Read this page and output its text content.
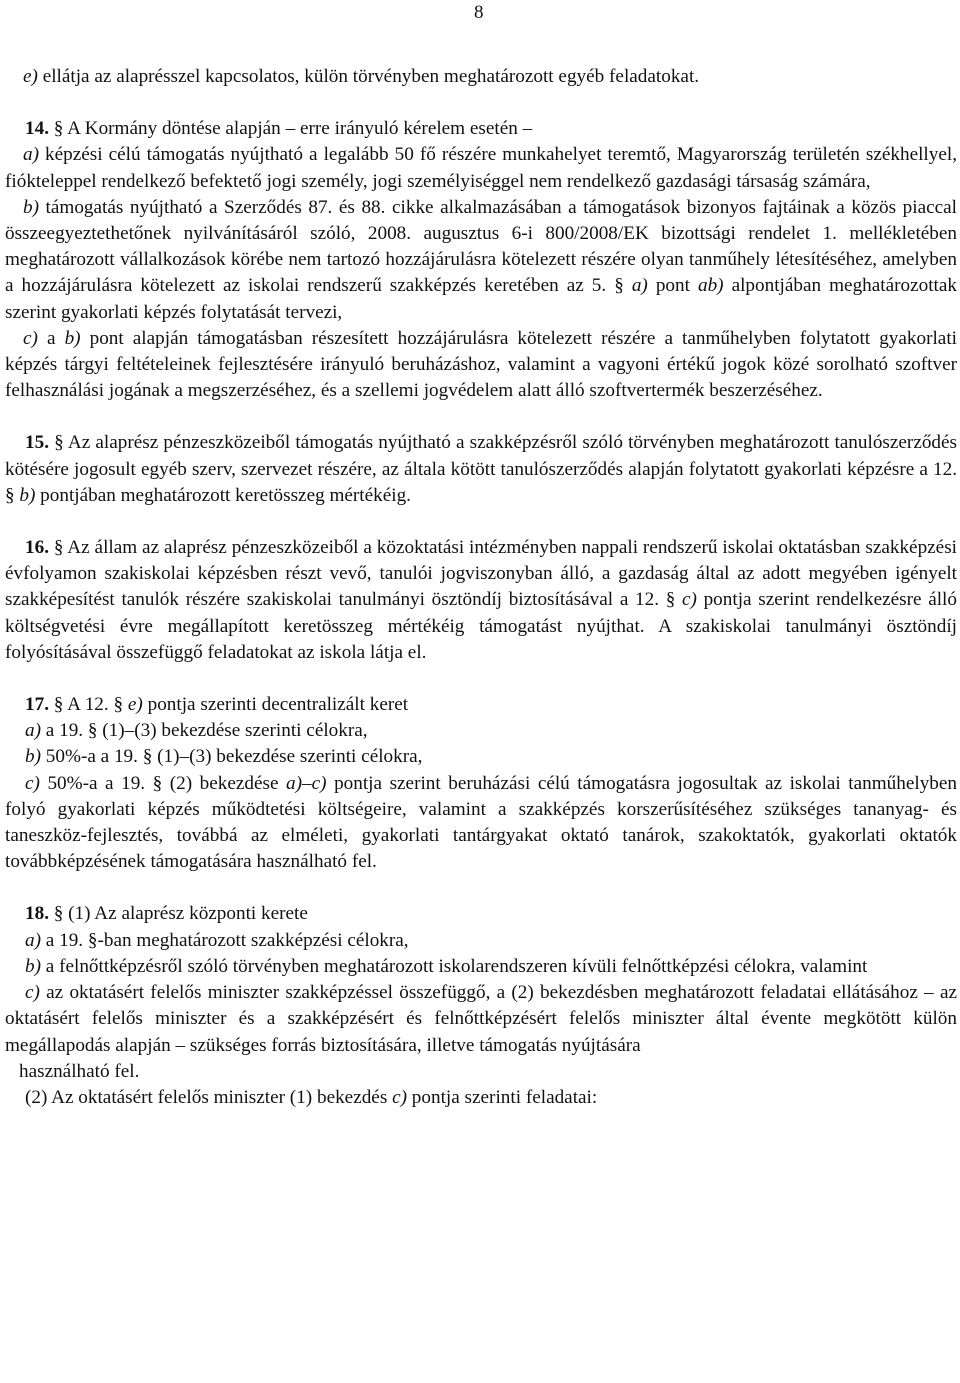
8

e) ellátja az alaprésszel kapcsolatos, külön törvényben meghatározott egyéb feladatokat.

14. § A Kormány döntése alapján – erre irányuló kérelem esetén –

a) képzési célú támogatás nyújtható a legalább 50 fő részére munkahelyet teremtő, Magyarország területén székhellyel, fiókteleppel rendelkező befektető jogi személy, jogi személyiséggel nem rendelkező gazdasági társaság számára,

b) támogatás nyújtható a Szerződés 87. és 88. cikke alkalmazásában a támogatások bizonyos fajtáinak a közös piaccal összeegyeztethetőnek nyilvánításáról szóló, 2008. augusztus 6-i 800/2008/EK bizottsági rendelet 1. mellékletében meghatározott vállalkozások körébe nem tartozó hozzájárulásra kötelezett részére olyan tanműhely létesítéséhez, amelyben a hozzájárulásra kötelezett az iskolai rendszerű szakképzés keretében az 5. § a) pont ab) alpontjában meghatározottak szerint gyakorlati képzés folytatását tervezi,

c) a b) pont alapján támogatásban részesített hozzájárulásra kötelezett részére a tanműhelyben folytatott gyakorlati képzés tárgyi feltételeinek fejlesztésére irányuló beruházáshoz, valamint a vagyoni értékű jogok közé sorolható szoftver felhasználási jogának a megszerzéséhez, és a szellemi jogvédelem alatt álló szoftvertermék beszerzéséhez.

15. § Az alaprész pénzeszközeiből támogatás nyújtható a szakképzésről szóló törvényben meghatározott tanulószerződés kötésére jogosult egyéb szerv, szervezet részére, az általa kötött tanulószerződés alapján folytatott gyakorlati képzésre a 12. § b) pontjában meghatározott keretösszeg mértékéig.

16. § Az állam az alaprész pénzeszközeiből a közoktatási intézményben nappali rendszerű iskolai oktatásban szakképzési évfolyamon szakiskolai képzésben részt vevő, tanulói jogviszonyban álló, a gazdaság által az adott megyében igényelt szakképesítést tanulók részére szakiskolai tanulmányi ösztöndíj biztosításával a 12. § c) pontja szerint rendelkezésre álló költségvetési évre megállapított keretösszeg mértékéig támogatást nyújthat. A szakiskolai tanulmányi ösztöndíj folyósításával összefüggő feladatokat az iskola látja el.

17. § A 12. § e) pontja szerinti decentralizált keret

a) a 19. § (1)–(3) bekezdése szerinti célokra,

b) 50%-a a 19. § (1)–(3) bekezdése szerinti célokra,

c) 50%-a a 19. § (2) bekezdése a)–c) pontja szerint beruházási célú támogatásra jogosultak az iskolai tanműhelyben folyó gyakorlati képzés működtetési költségeire, valamint a szakképzés korszerűsítéséhez szükséges tananyag- és taneszköz-fejlesztés, továbbá az elméleti, gyakorlati tantárgyakat oktató tanárok, szakoktatók, gyakorlati oktatók továbbképzésének támogatására használható fel.

18. § (1) Az alaprész központi kerete

a) a 19. §-ban meghatározott szakképzési célokra,

b) a felnőttképzésről szóló törvényben meghatározott iskolarendszeren kívüli felnőttképzési célokra, valamint

c) az oktatásért felelős miniszter szakképzéssel összefüggő, a (2) bekezdésben meghatározott feladatai ellátásához – az oktatásért felelős miniszter és a szakképzésért és felnőttképzésért felelős miniszter által évente megkötött külön megállapodás alapján – szükséges forrás biztosítására, illetve támogatás nyújtására

használható fel.

(2) Az oktatásért felelős miniszter (1) bekezdés c) pontja szerinti feladatai:
